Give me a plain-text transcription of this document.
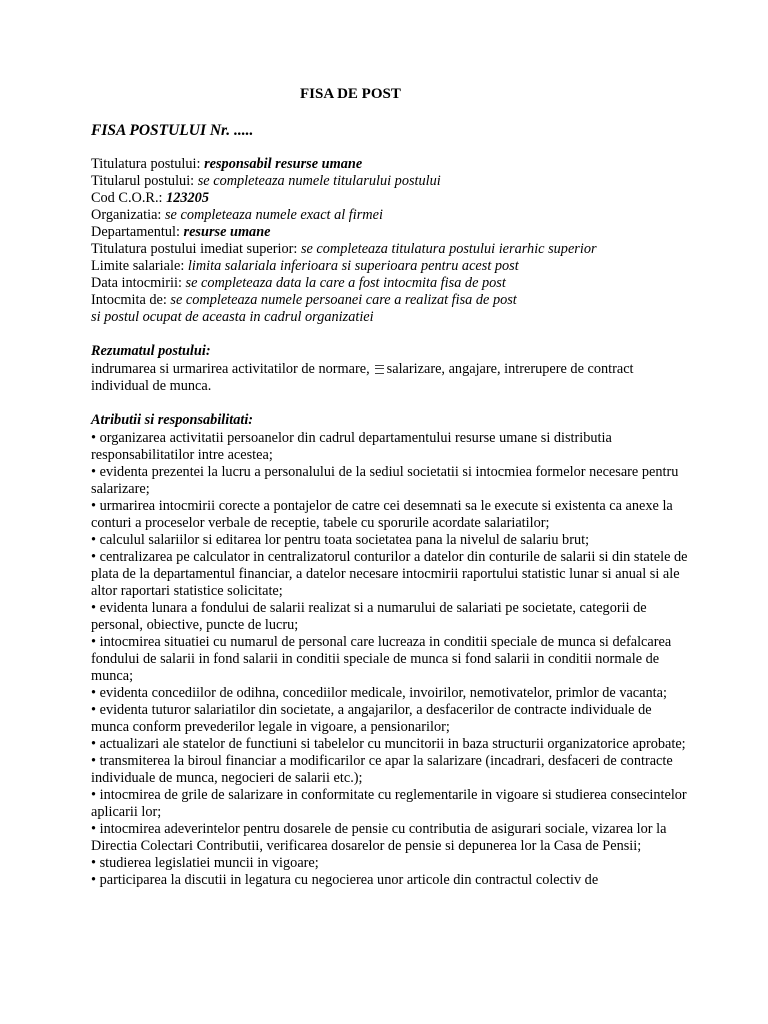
FISA DE POST
FISA POSTULUI Nr. .....
Titulatura postului: responsabil resurse umane
Titularul postului: se completeaza numele titularului postului
Cod C.O.R.: 123205
Organizatia: se completeaza numele exact al firmei
Departamentul: resurse umane
Titulatura postului imediat superior: se completeaza titulatura postului ierarhic superior
Limite salariale: limita salariala inferioara si superioara pentru acest post
Data intocmirii: se completeaza data la care a fost intocmita fisa de post
Intocmita de: se completeaza numele persoanei care a realizat fisa de post
si postul ocupat de aceasta in cadrul organizatiei
Rezumatul postului:
indrumarea si urmarirea activitatilor de normare, salarizare, angajare, intrerupere de contract individual de munca.
Atributii si responsabilitati:
• organizarea activitatii persoanelor din cadrul departamentului resurse umane si distributia responsabilitatilor intre acestea;
• evidenta prezentei la lucru a personalului de la sediul societatii si intocmiea formelor necesare pentru salarizare;
• urmarirea intocmirii corecte a pontajelor de catre cei desemnati sa le execute si existenta ca anexe la conturi a proceselor verbale de receptie, tabele cu sporurile acordate salariatilor;
• calculul salariilor si editarea lor pentru toata societatea pana la nivelul de salariu brut;
• centralizarea pe calculator in centralizatorul conturilor a datelor din conturile de salarii si din statele de plata de la departamentul financiar, a datelor necesare intocmirii raportului statistic lunar si anual si ale altor raportari statistice solicitate;
• evidenta lunara a fondului de salarii realizat si a numarului de salariati pe societate, categorii de personal, obiective, puncte de lucru;
• intocmirea situatiei cu numarul de personal care lucreaza in conditii speciale de munca si defalcarea fondului de salarii in fond salarii in conditii speciale de munca si fond salarii in conditii normale de munca;
• evidenta concediilor de odihna, concediilor medicale, invoirilor, nemotivatelor, primlor de vacanta;
• evidenta tuturor salariatilor din societate, a angajarilor, a desfacerilor de contracte individuale de munca conform prevederilor legale in vigoare, a pensionarilor;
• actualizari ale statelor de functiuni si tabelelor cu muncitorii in baza structurii organizatorice aprobate;
• transmiterea la biroul financiar a modificarilor ce apar la salarizare (incadrari, desfaceri de contracte individuale de munca, negocieri de salarii etc.);
• intocmirea de grile de salarizare in conformitate cu reglementarile in vigoare si studierea consecintelor aplicarii lor;
• intocmirea adeverintelor pentru dosarele de pensie cu contributia de asigurari sociale, vizarea lor la Directia Colectari Contributii, verificarea dosarelor de pensie si depunerea lor la Casa de Pensii;
• studierea legislatiei muncii in vigoare;
• participarea la discutii in legatura cu negocierea unor articole din contractul colectiv de
